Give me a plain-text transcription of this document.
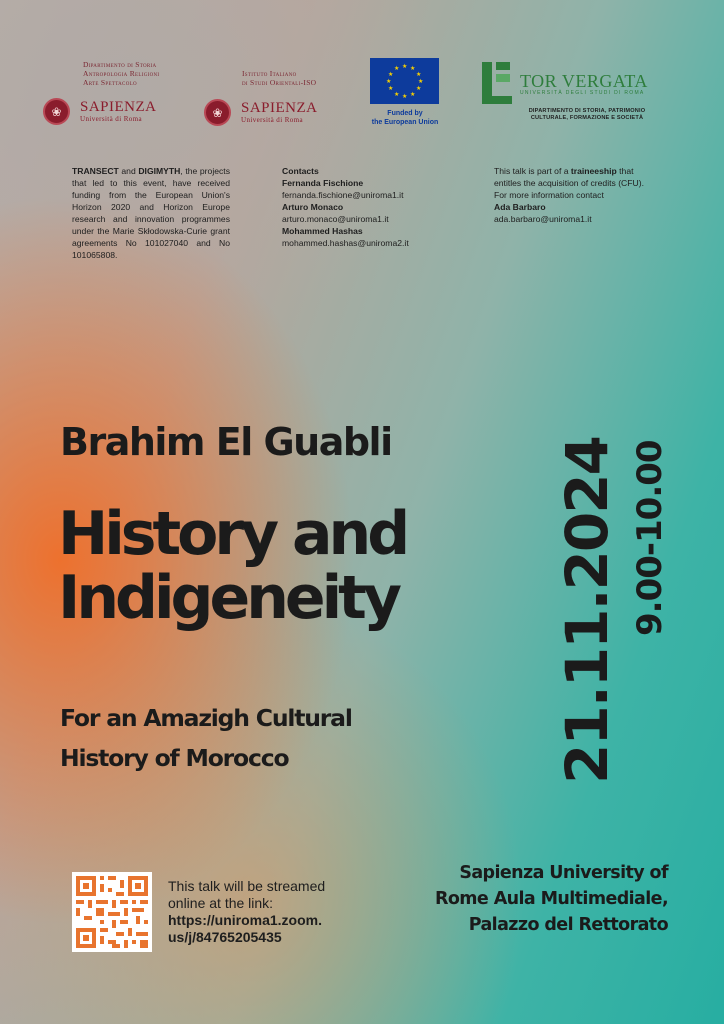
Dipartimento di Storia
Antropologia Religioni
Arte Spettacolo
❀	SAPIENZA
Università di Roma
Istituto Italiano
di Studi Orientali-ISO
❀	SAPIENZA
Università di Roma
★ ★
★
★
★
★
★
★
★
★
★
★
Funded by
the European Union
TOR VERGATA
UNIVERSITÀ DEGLI STUDI DI ROMA
DIPARTIMENTO DI STORIA, PATRIMONIO
CULTURALE, FORMAZIONE E SOCIETÀ
TRANSECT and DIGIMYTH, the projects that led to this event, have received funding from the European Union's Horizon 2020 and Horizon Europe research and innovation programmes under the Marie Skłodowska-Curie grant agreements No 101027040 and No 101065808.
Contacts
Fernanda Fischione
fernanda.fischione@uniroma1.it
Arturo Monaco
arturo.monaco@uniroma1.it
Mohammed Hashas
mohammed.hashas@uniroma2.it
This talk is part of a traineeship that entitles the acquisition of credits (CFU). For more information contact
Ada Barbaro
ada.barbaro@uniroma1.it
Brahim El Guabli
History and
Indigeneity
For an Amazigh Cultural
History of Morocco	21.11.2024 9.00-10.00
This talk will be streamed
online at the link:
https://uniroma1.zoom.
us/j/84765205435
Sapienza University of
Rome Aula Multimediale,
Palazzo del Rettorato
